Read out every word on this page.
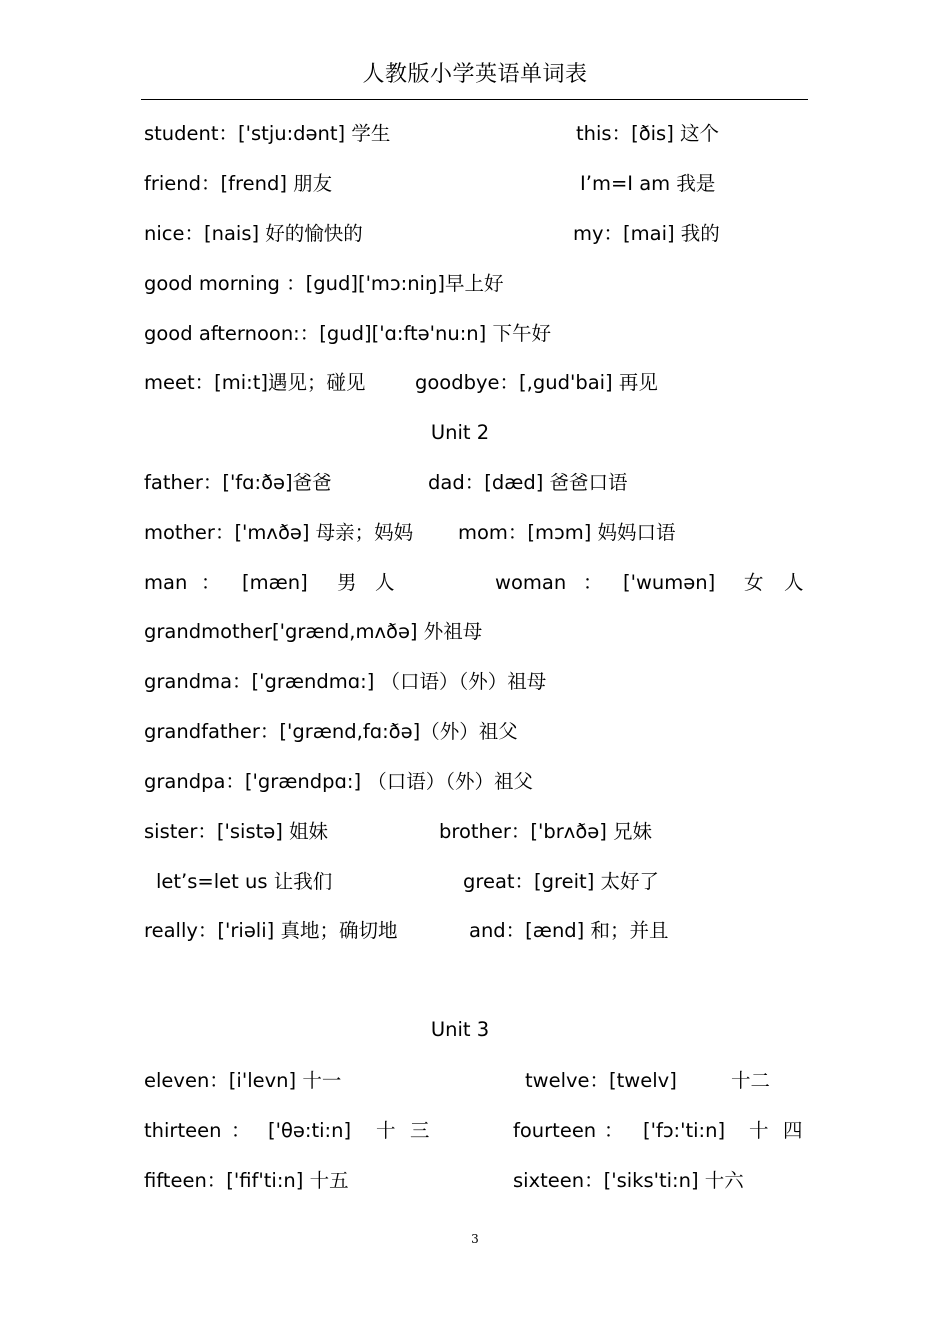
人教版小学英语单词表
student：['stju:dənt] 学生	this：[ðis] 这个
friend：[frend] 朋友	I’m=I am 我是
nice：[nais] 好的愉快的	my：[mai] 我的
good morning ：[gud]['mɔ:niŋ]早上好
good afternoon:：[gud]['ɑ:ftə'nu:n] 下午好
meet：[mi:t]遇见；碰见	goodbye：[,gud'bai] 再见
Unit 2
father：['fɑ:ðə]爸爸	dad：[dæd] 爸爸口语
mother：['mʌðə] 母亲；妈妈 mom：[mɔm] 妈妈口语
man ： [mæn] 男 人	woman ： ['wumən] 女 人
grandmother['grænd,mʌðə] 外祖母
grandma：['grændmɑ:] （口语）（外）祖母
grandfather：['grænd,fɑ:ðə]（外）祖父
grandpa：['grændpɑ:] （口语）（外）祖父
sister：['sistə] 姐妹	brother：['brʌðə] 兄妹
let’s=let us 让我们	great：[greit] 太好了
really：['riəli] 真地；确切地	and：[ænd] 和；并且
Unit 3
eleven：[i'levn] 十一	twelve：[twelv]	十二
thirteen ： ['θə:ti:n] 十 三	fourteen ： ['fɔ:'ti:n] 十 四
fifteen：['fif'ti:n] 十五	sixteen：['siks'ti:n] 十六
3
